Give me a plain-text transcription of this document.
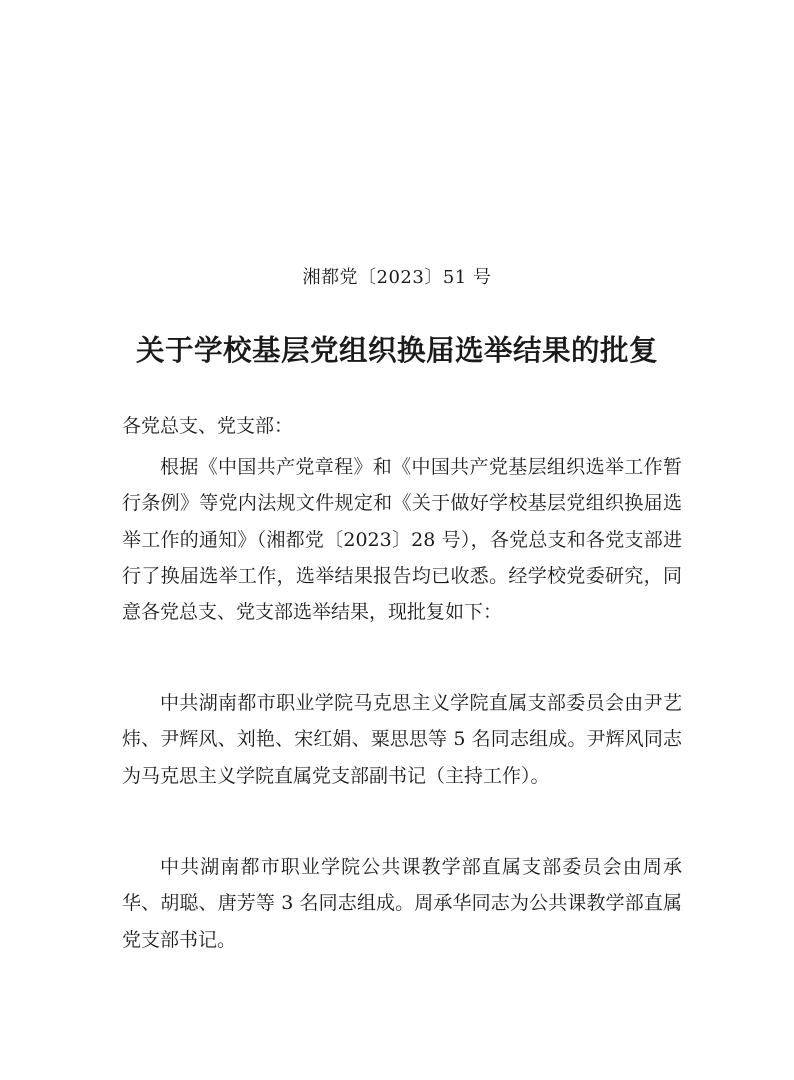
湘都党〔2023〕51 号
关于学校基层党组织换届选举结果的批复
各党总支、党支部：

根据《中国共产党章程》和《中国共产党基层组织选举工作暂行条例》等党内法规文件规定和《关于做好学校基层党组织换届选举工作的通知》（湘都党〔2023〕28 号），各党总支和各党支部进行了换届选举工作，选举结果报告均已收悉。经学校党委研究，同意各党总支、党支部选举结果，现批复如下：

中共湖南都市职业学院马克思主义学院直属支部委员会由尹艺炜、尹辉风、刘艳、宋红娟、粟思思等 5 名同志组成。尹辉风同志为马克思主义学院直属党支部副书记（主持工作）。

中共湖南都市职业学院公共课教学部直属支部委员会由周承华、胡聪、唐芳等 3 名同志组成。周承华同志为公共课教学部直属党支部书记。
